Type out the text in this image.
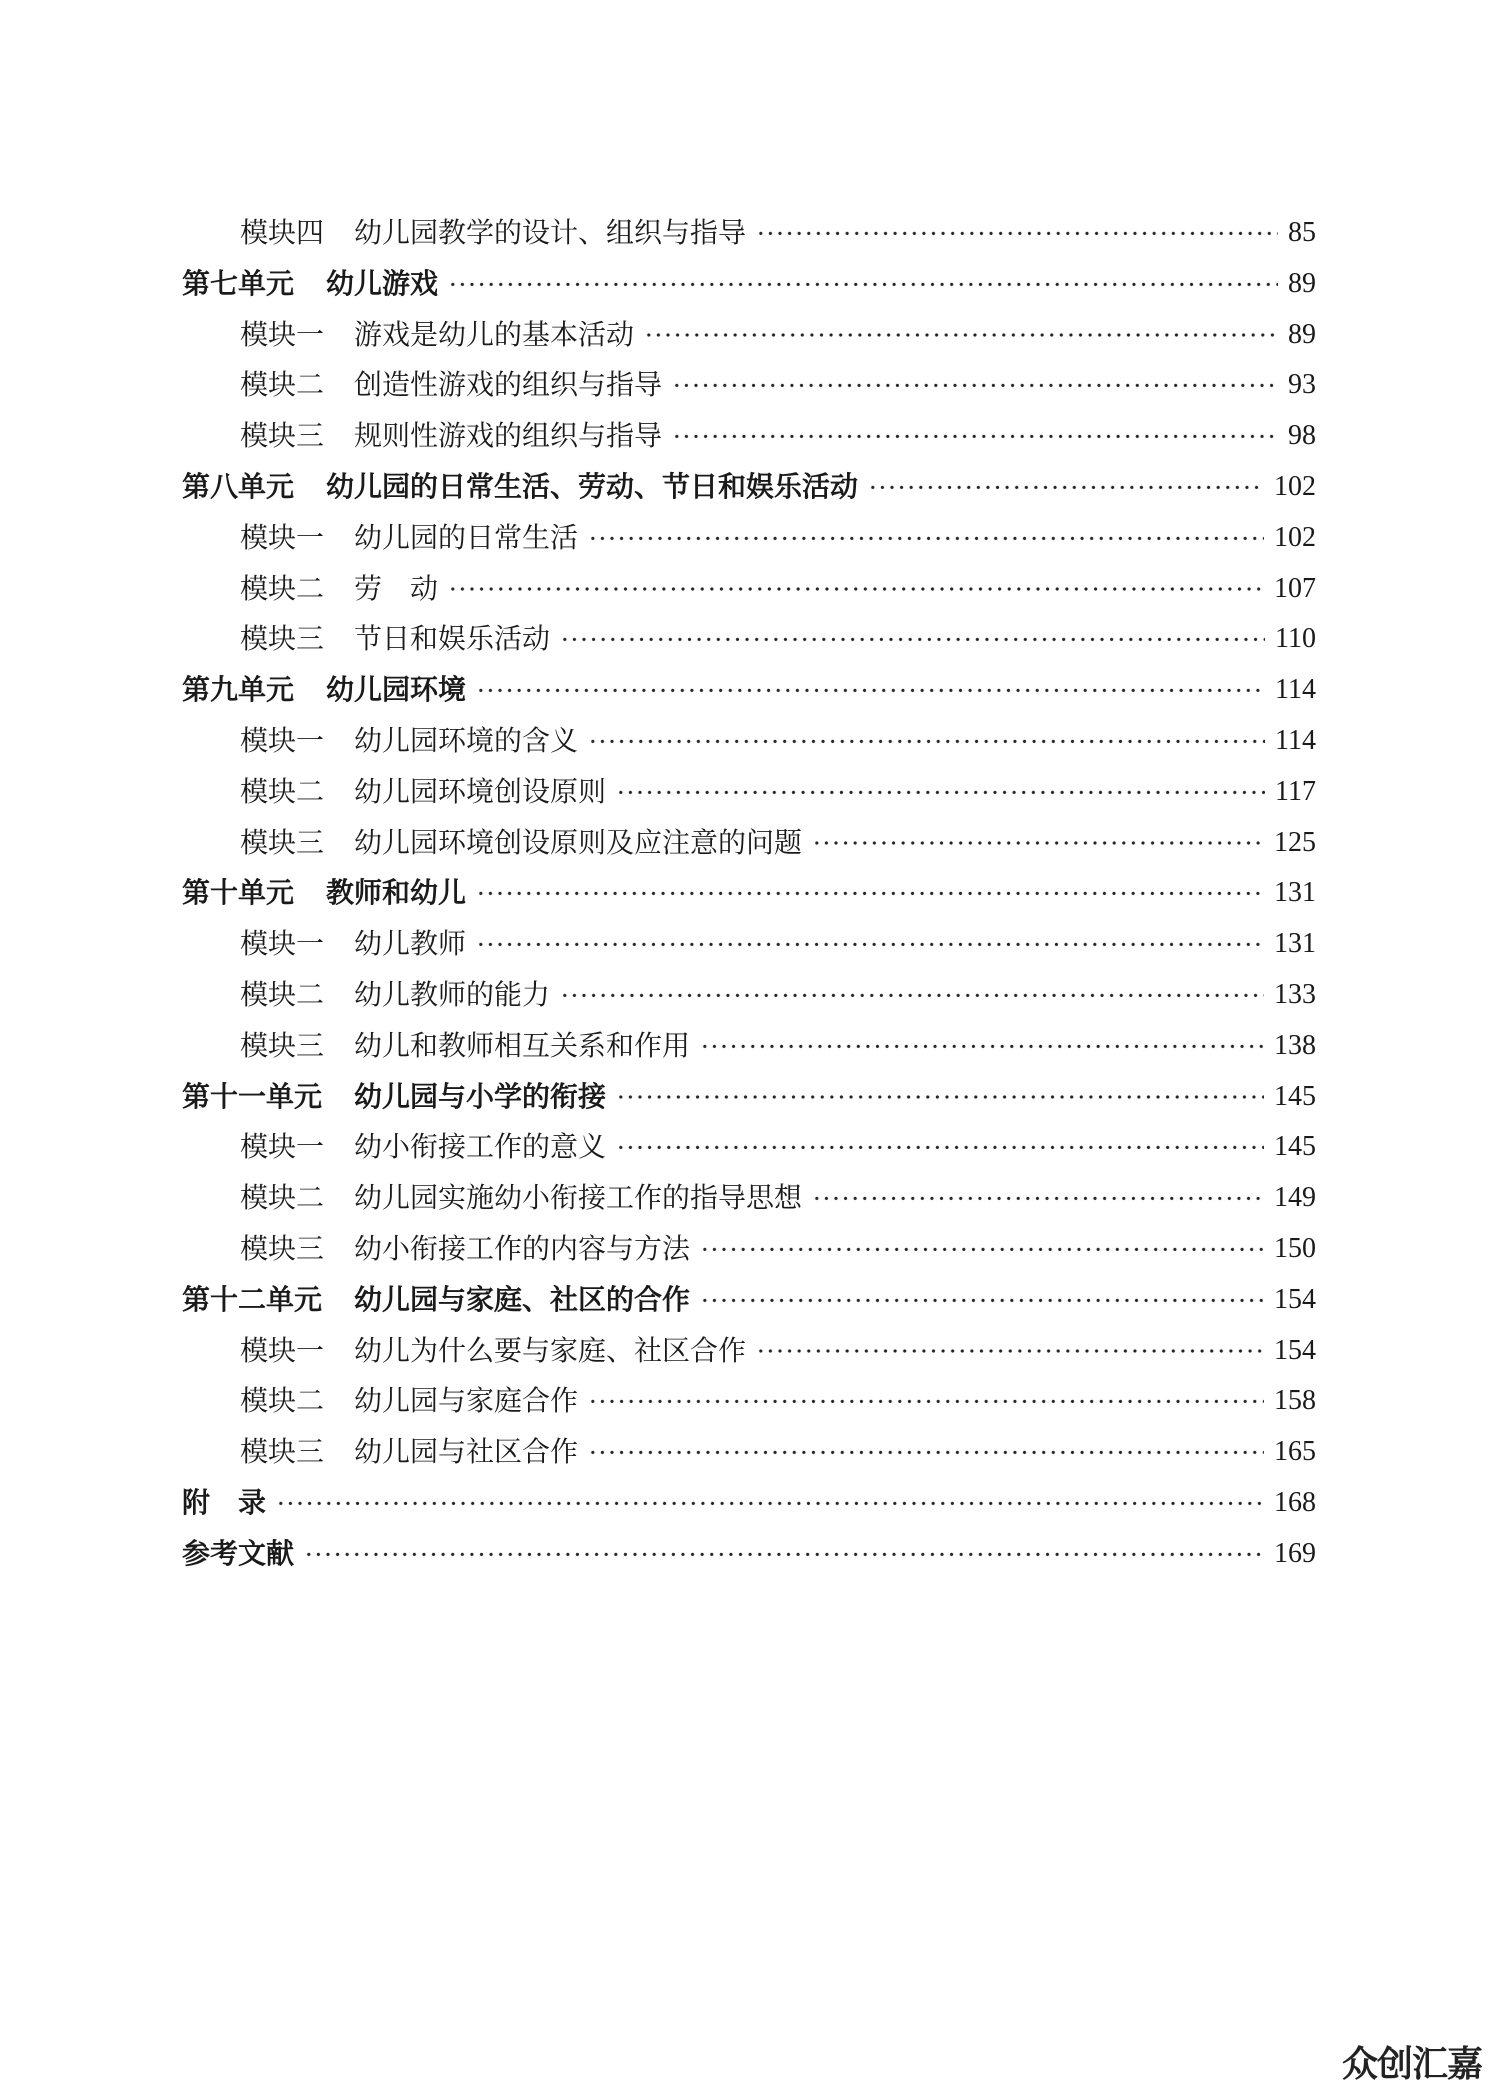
模块四 幼儿园教学的设计、组织与指导	85
第七单元 幼儿游戏	89
模块一 游戏是幼儿的基本活动	89
模块二 创造性游戏的组织与指导	93
模块三 规则性游戏的组织与指导	98
第八单元 幼儿园的日常生活、劳动、节日和娱乐活动	102
模块一 幼儿园的日常生活	102
模块二 劳　动	107
模块三 节日和娱乐活动	110
第九单元 幼儿园环境	114
模块一 幼儿园环境的含义	114
模块二 幼儿园环境创设原则	117
模块三 幼儿园环境创设原则及应注意的问题	125
第十单元 教师和幼儿	131
模块一 幼儿教师	131
模块二 幼儿教师的能力	133
模块三 幼儿和教师相互关系和作用	138
第十一单元 幼儿园与小学的衔接	145
模块一 幼小衔接工作的意义	145
模块二 幼儿园实施幼小衔接工作的指导思想	149
模块三 幼小衔接工作的内容与方法	150
第十二单元 幼儿园与家庭、社区的合作	154
模块一 幼儿为什么要与家庭、社区合作	154
模块二 幼儿园与家庭合作	158
模块三 幼儿园与社区合作	165
附　录	168
参考文献	169
众创汇嘉
